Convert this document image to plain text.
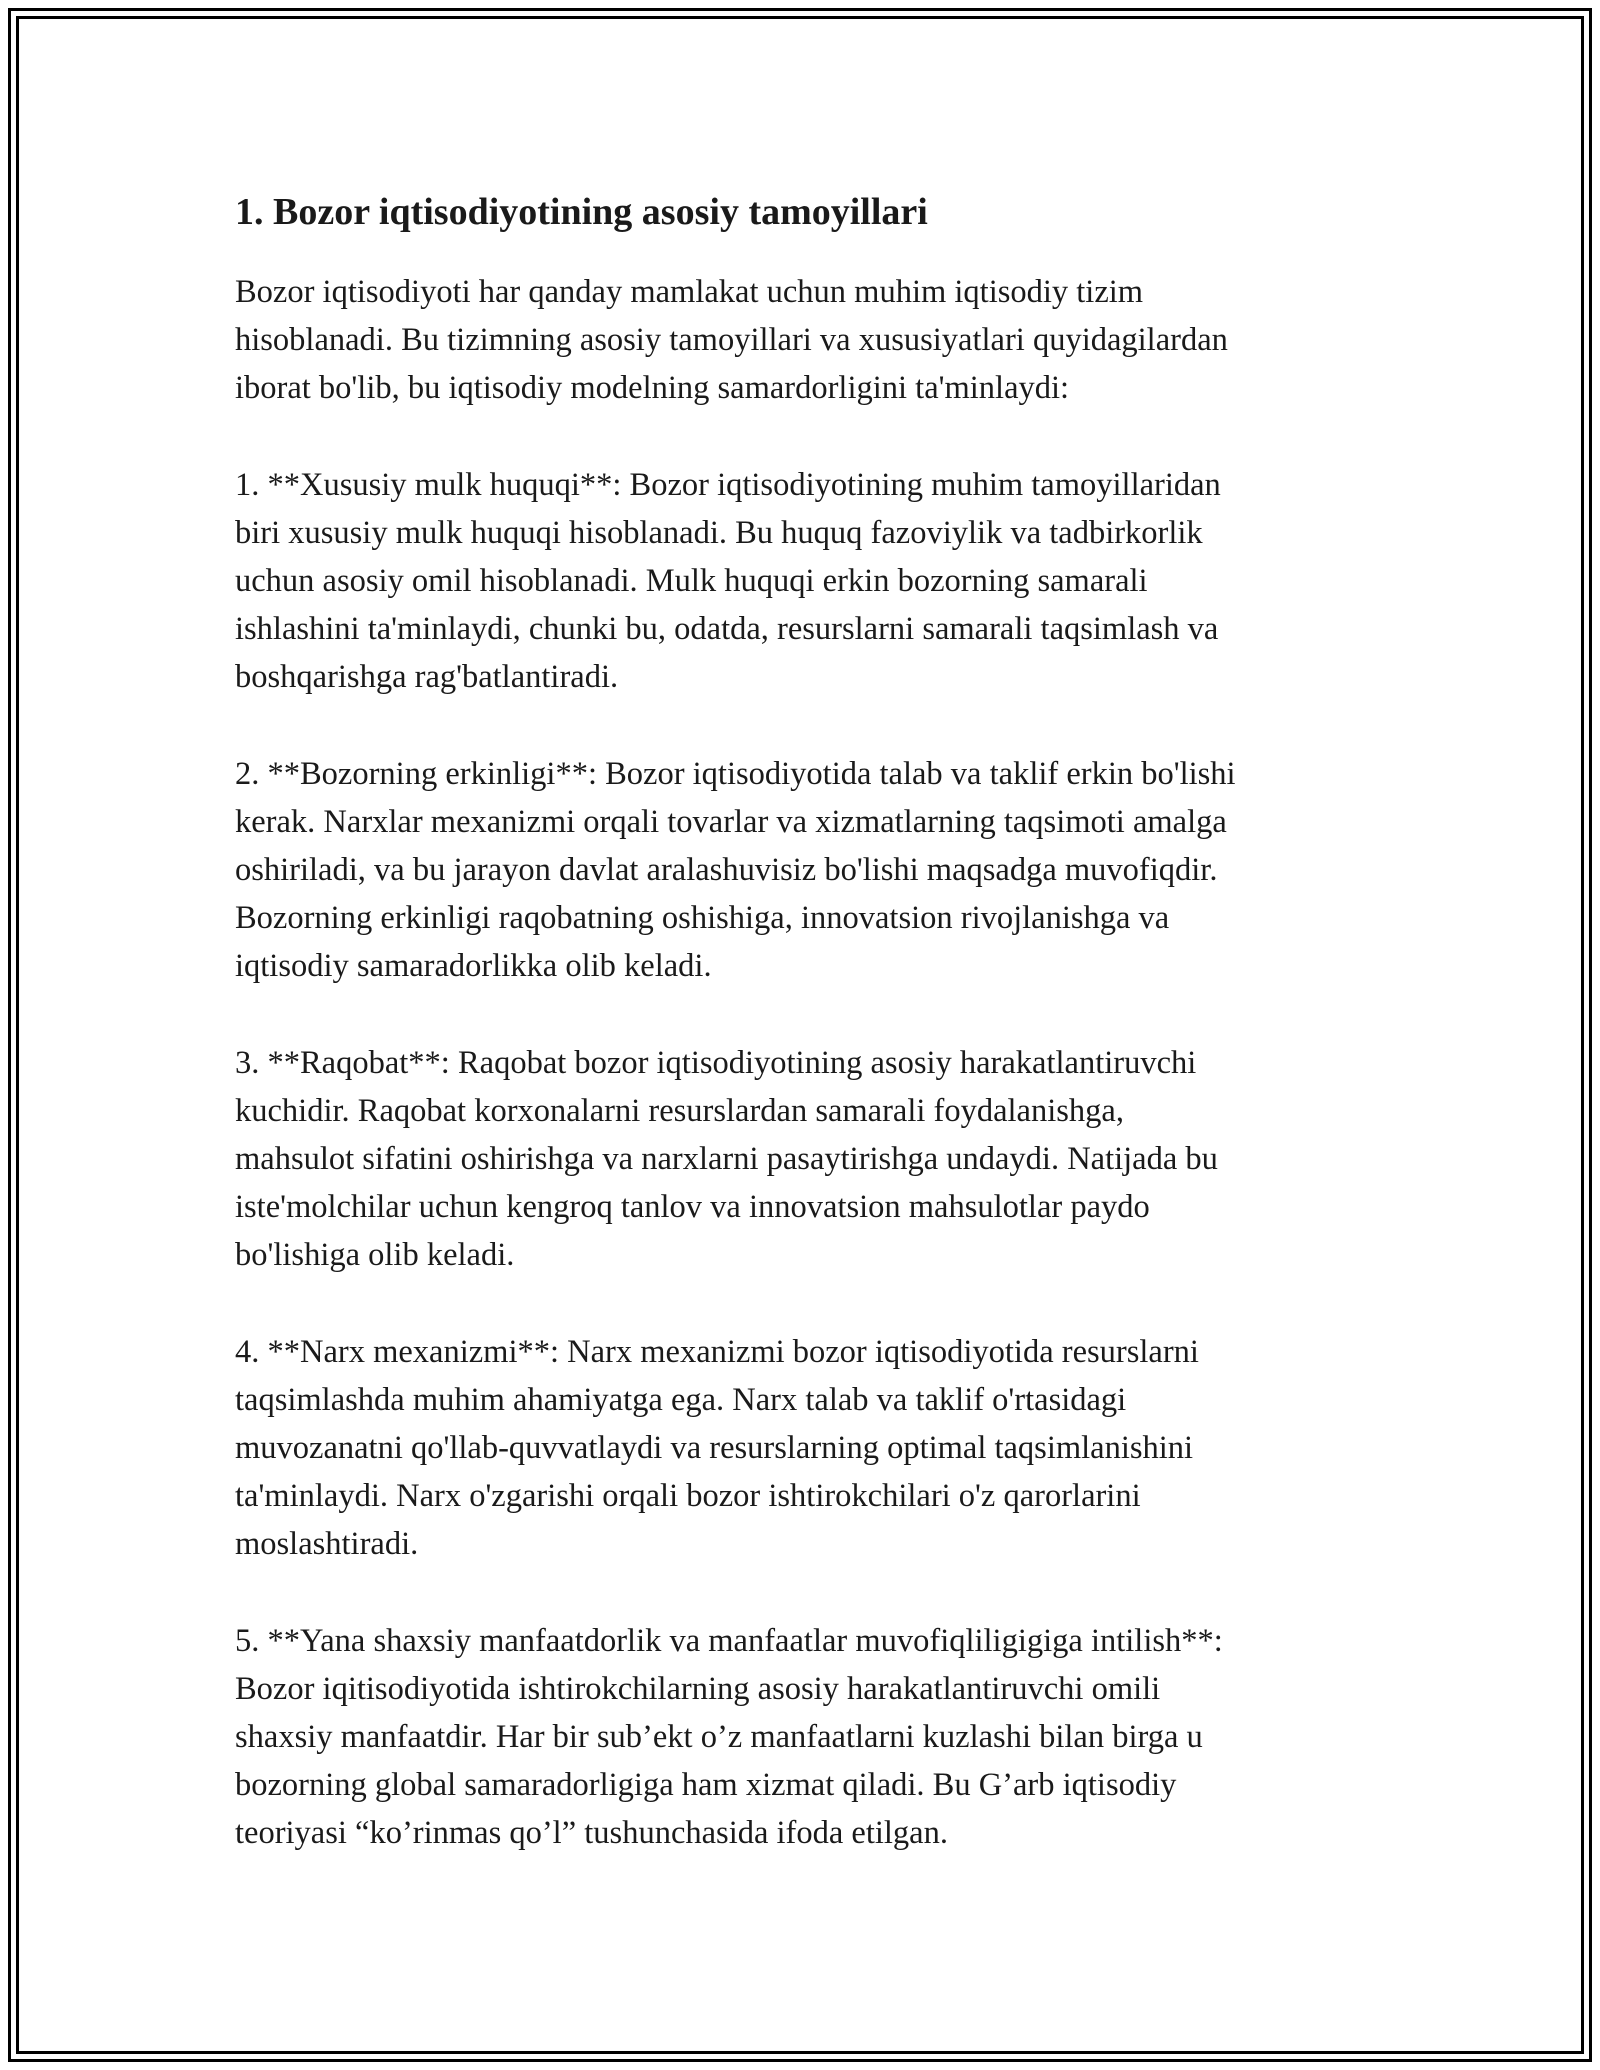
1. Bozor iqtisodiyotining asosiy tamoyillari

Bozor iqtisodiyoti har qanday mamlakat uchun muhim iqtisodiy tizim
hisoblanadi. Bu tizimning asosiy tamoyillari va xususiyatlari quyidagilardan
iborat bo'lib, bu iqtisodiy modelning samardorligini ta'minlaydi:

1. **Xususiy mulk huquqi**: Bozor iqtisodiyotining muhim tamoyillaridan
biri xususiy mulk huquqi hisoblanadi. Bu huquq fazoviylik va tadbirkorlik
uchun asosiy omil hisoblanadi. Mulk huquqi erkin bozorning samarali
ishlashini ta'minlaydi, chunki bu, odatda, resurslarni samarali taqsimlash va
boshqarishga rag'batlantiradi.

2. **Bozorning erkinligi**: Bozor iqtisodiyotida talab va taklif erkin bo'lishi
kerak. Narxlar mexanizmi orqali tovarlar va xizmatlarning taqsimoti amalga
oshiriladi, va bu jarayon davlat aralashuvisiz bo'lishi maqsadga muvofiqdir.
Bozorning erkinligi raqobatning oshishiga, innovatsion rivojlanishga va
iqtisodiy samaradorlikka olib keladi.

3. **Raqobat**: Raqobat bozor iqtisodiyotining asosiy harakatlantiruvchi
kuchidir. Raqobat korxonalarni resurslardan samarali foydalanishga,
mahsulot sifatini oshirishga va narxlarni pasaytirishga undaydi. Natijada bu
iste'molchilar uchun kengroq tanlov va innovatsion mahsulotlar paydo
bo'lishiga olib keladi.

4. **Narx mexanizmi**: Narx mexanizmi bozor iqtisodiyotida resurslarni
taqsimlashda muhim ahamiyatga ega. Narx talab va taklif o'rtasidagi
muvozanatni qo'llab-quvvatlaydi va resurslarning optimal taqsimlanishini
ta'minlaydi. Narx o'zgarishi orqali bozor ishtirokchilari o'z qarorlarini
moslashtiradi.

5. **Yana shaxsiy manfaatdorlik va manfaatlar muvofiqliligigiga intilish**:
Bozor iqitisodiyotida ishtirokchilarning asosiy harakatlantiruvchi omili
shaxsiy manfaatdir. Har bir sub’ekt o’z manfaatlarni kuzlashi bilan birga u
bozorning global samaradorligiga ham xizmat qiladi. Bu G’arb iqtisodiy
teoriyasi “ko’rinmas qo’l” tushunchasida ifoda etilgan.
